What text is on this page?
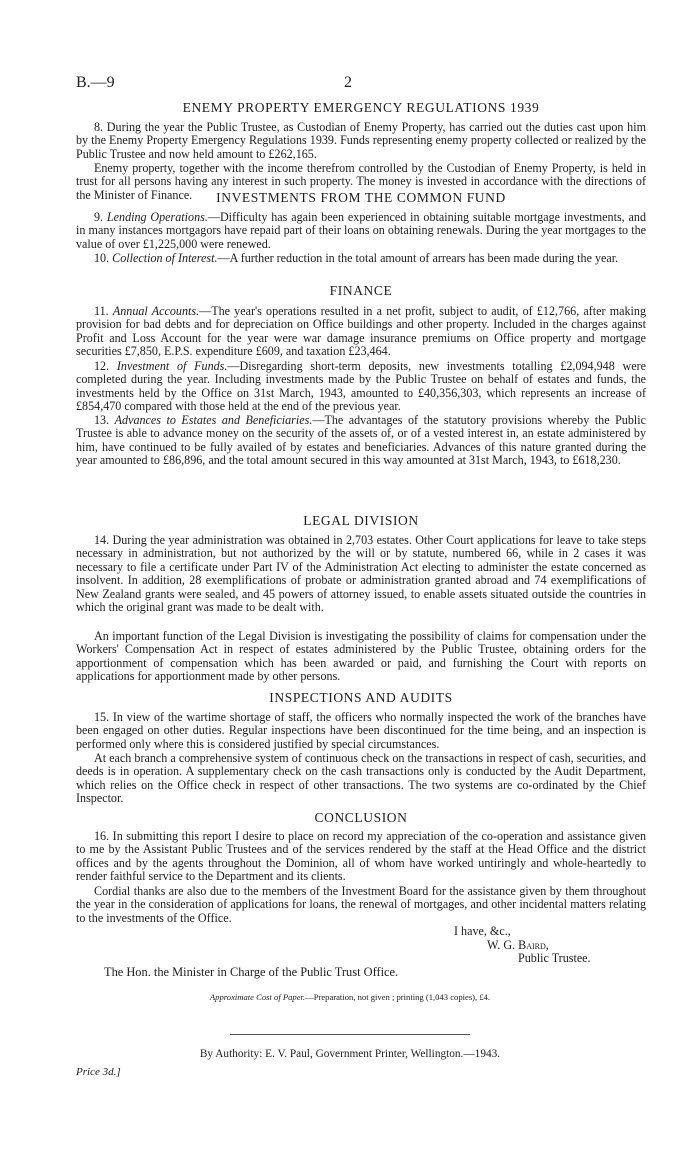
B.—9	2
ENEMY PROPERTY EMERGENCY REGULATIONS 1939

8. During the year the Public Trustee, as Custodian of Enemy Property, has carried out the duties cast upon him by the Enemy Property Emergency Regulations 1939. Funds representing enemy property collected or realized by the Public Trustee and now held amount to £262,165.

Enemy property, together with the income therefrom controlled by the Custodian of Enemy Property, is held in trust for all persons having any interest in such property. The money is invested in accordance with the directions of the Minister of Finance.	INVESTMENTS FROM THE COMMON FUND

9. Lending Operations.—Difficulty has again been experienced in obtaining suitable mortgage investments, and in many instances mortgagors have repaid part of their loans on obtaining renewals. During the year mortgages to the value of over £1,225,000 were renewed.

10. Collection of Interest.—A further reduction in the total amount of arrears has been made during the year.

FINANCE

11. Annual Accounts.—The year's operations resulted in a net profit, subject to audit, of £12,766, after making provision for bad debts and for depreciation on Office buildings and other property. Included in the charges against Profit and Loss Account for the year were war damage insurance premiums on Office property and mortgage securities £7,850, E.P.S. expenditure £609, and taxation £23,464.

12. Investment of Funds.—Disregarding short-term deposits, new investments totalling £2,094,948 were completed during the year. Including investments made by the Public Trustee on behalf of estates and funds, the investments held by the Office on 31st March, 1943, amounted to £40,356,303, which represents an increase of £854,470 compared with those held at the end of the previous year.

13. Advances to Estates and Beneficiaries.—The advantages of the statutory provisions whereby the Public Trustee is able to advance money on the security of the assets of, or of a vested interest in, an estate administered by him, have continued to be fully availed of by estates and beneficiaries. Advances of this nature granted during the year amounted to £86,896, and the total amount secured in this way amounted at 31st March, 1943, to £618,230.

LEGAL DIVISION

14. During the year administration was obtained in 2,703 estates. Other Court applications for leave to take steps necessary in administration, but not authorized by the will or by statute, numbered 66, while in 2 cases it was necessary to file a certificate under Part IV of the Administration Act electing to administer the estate concerned as insolvent. In addition, 28 exemplifications of probate or administration granted abroad and 74 exemplifications of New Zealand grants were sealed, and 45 powers of attorney issued, to enable assets situated outside the countries in which the original grant was made to be dealt with.

An important function of the Legal Division is investigating the possibility of claims for compensation under the Workers' Compensation Act in respect of estates administered by the Public Trustee, obtaining orders for the apportionment of compensation which has been awarded or paid, and furnishing the Court with reports on applications for apportionment made by other persons.

INSPECTIONS AND AUDITS

15. In view of the wartime shortage of staff, the officers who normally inspected the work of the branches have been engaged on other duties. Regular inspections have been discontinued for the time being, and an inspection is performed only where this is considered justified by special circumstances.

At each branch a comprehensive system of continuous check on the transactions in respect of cash, securities, and deeds is in operation. A supplementary check on the cash transactions only is conducted by the Audit Department, which relies on the Office check in respect of other transactions. The two systems are co-ordinated by the Chief Inspector.

CONCLUSION

16. In submitting this report I desire to place on record my appreciation of the co-operation and assistance given to me by the Assistant Public Trustees and of the services rendered by the staff at the Head Office and the district offices and by the agents throughout the Dominion, all of whom have worked untiringly and whole-heartedly to render faithful service to the Department and its clients.

Cordial thanks are also due to the members of the Investment Board for the assistance given by them throughout the year in the consideration of applications for loans, the renewal of mortgages, and other incidental matters relating to the investments of the Office.

I have, &c.,
W. G. Baird,
Public Trustee.
The Hon. the Minister in Charge of the Public Trust Office.
Approximate Cost of Paper.—Preparation, not given ; printing (1,043 copies), £4.
By Authority: E. V. Paul, Government Printer, Wellington.—1943.
Price 3d.]
